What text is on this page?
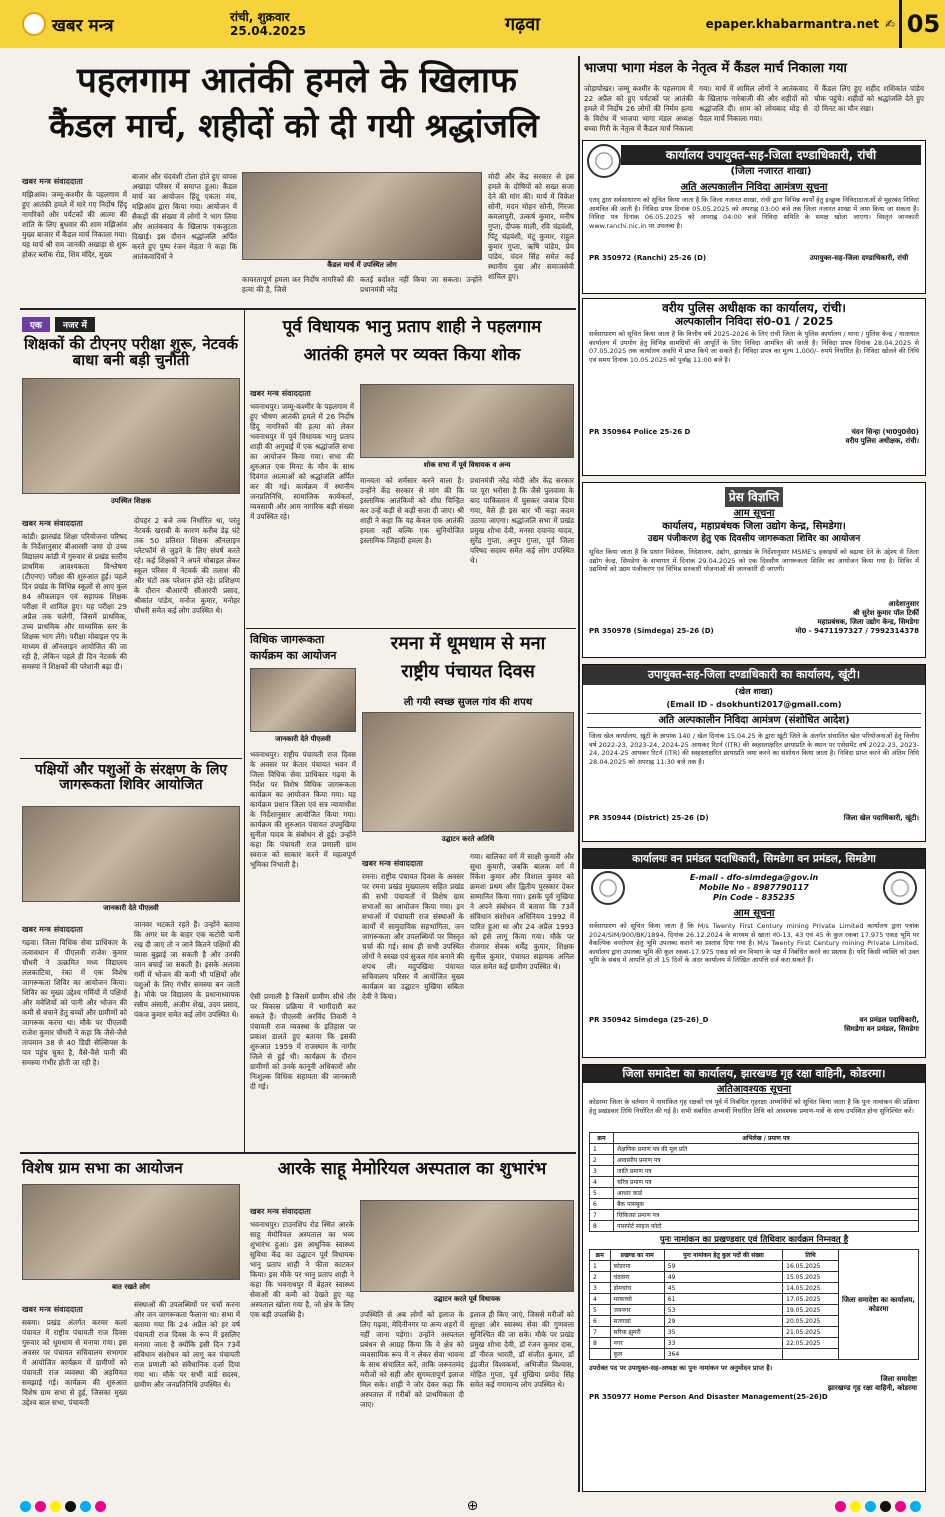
खबर मन्त्र	रांची, शुक्रवार
25.04.2025	गढ़वा	epaper.khabarmantra.net ✍ 05
पहलगाम आतंकी हमले के खिलाफ
कैंडल मार्च, शहीदों को दी गयी श्रद्धांजलि
खबर मन्त्र संवाददाता
मझिआंव। जम्मू-कश्मीर के पहलगाम में हुए आतंकी हमले में मारे गए निर्दोष हिंदू नागरिकों और पर्यटकों की आत्मा की शांति के लिए बुधवार की शाम मझिआंव मुख्य बाजार में कैंडल मार्च निकाला गया। यह मार्च श्री राम जानकी अखाड़ा से शुरू होकर ब्लॉक रोड, शिव मंदिर, मुख्य
बाजार और चंदवंशी टोला होते हुए वापस अखाड़ा परिसर में समाप्त हुआ। कैंडल मार्च का आयोजन हिंदू एकता मंच, मझिआंव द्वारा किया गया। आयोजन में सैकड़ों की संख्या में लोगों ने भाग लिया और आतंकवाद के खिलाफ एकजुटता दिखाई। इस दौरान श्रद्धांजलि अर्पित करते हुए पुष्प रंजन मेहता ने कहा कि आतंकवादियों ने
कैंडल मार्च में उपस्थित लोग
कायरतापूर्ण हमला कर निर्दोष नागरिकों की हत्या की है, जिसे
कतई बर्दाश्त नहीं किया जा सकता। उन्होंने प्रधानमंत्री नरेंद्र
मोदी और केंद्र सरकार से इस हमले के दोषियों को सख्त सजा देने की मांग की। मार्च में विकेश सोनी, मदन मोहन सोनी, गिरजा कमलापुरी, उत्कर्ष कुमार, मनीष गुप्ता, दीपक माली, रवि चंद्रवंशी, पिंटू चंद्रवंशी, मंटू कुमार, राहुल कुमार गुप्ता, ऋषि पांडेय, प्रेम पांडेय, चंदन सिंह समेत कई स्थानीय युवा और समाजसेवी शामिल हुए।
एक नजर में
शिक्षकों की टीएनए परीक्षा शुरू, नेटवर्क बाधा बनी बड़ी चुनौती
उपस्थित शिक्षक
खबर मन्त्र संवाददाता
कांडी। झारखंड शिक्षा परियोजना परिषद के निर्देशानुसार बीआरसी जमा दो उच्च विद्यालय कांडी में गुरुवार से प्रखंड स्तरीय प्राथमिक आवश्यकता विश्लेषण (टीएनए) परीक्षा की शुरुआत हुई। पहले दिन प्रखंड के विभिन्न स्कूलों से आए कुल 84 ऑफलाइन एवं सहायक शिक्षक परीक्षा में शामिल हुए। यह परीक्षा 29 अप्रैल तक चलेगी, जिसमें प्राथमिक, उच्च प्राथमिक और माध्यमिक स्तर के शिक्षक भाग लेंगे। परीक्षा मोबाइल एप के माध्यम से ऑनलाइन आयोजित की जा रही है, लेकिन पहले ही दिन नेटवर्क की समस्या ने शिक्षकों की परेशानी बढ़ा दी।
दोपहर 2 बजे तक निर्धारित था, परंतु नेटवर्क खराबी के कारण करीब डेढ़ घंटे तक 50 प्रतिशत शिक्षक ऑनलाइन प्लेटफॉर्म से जुड़ने के लिए संघर्ष करते रहे। कई शिक्षकों ने अपने मोबाइल लेकर स्कूल परिसर में नेटवर्क की तलाश की और घंटों तक परेशान होते रहे। प्रशिक्षण के दौरान बीआरपी सीआरपी प्रसाद, श्रीकांत पांडेय, मनोज कुमार, मनोहर चौधरी समेत कई लोग उपस्थित थे।
पक्षियों और पशुओं के संरक्षण के लिए जागरूकता शिविर आयोजित
जानकारी देते पीएलवी
खबर मन्त्र संवाददाता
गढ़वा। जिला विधिक सेवा प्राधिकार के तत्वावधान में पीएलवी राजेश कुमार चौधरी ने उत्क्रमित मध्य विद्यालय ललकाटिया, रंका में एक विशेष जागरूकता शिविर का आयोजन किया। शिविर का मुख्य उद्देश्य गर्मियों में पक्षियों और मवेशियों को पानी और भोजन की कमी से बचाने हेतु बच्चों और ग्रामीणों को जागरूक करना था। मौके पर पीएलवी राजेश कुमार चौधरी ने कहा कि जैसे-जैसे तापमान 38 से 40 डिग्री सेल्सियस के पार पहुंच चुका है, वैसे-वैसे पानी की समस्या गंभीर होती जा रही है।
जानवर भटकते रहते हैं। उन्होंने बताया कि अगर घर के बाहर एक कटोरी पानी रख दी जाए तो न जाने कितने पक्षियों की प्यास बुझाई जा सकती है और उनकी जान बचाई जा सकती है। इसके अलावा गर्मी में भोजन की कमी भी पक्षियों और पशुओं के लिए गंभीर समस्या बन जाती है। मौके पर विद्यालय के प्रधानाध्यापक रसीम अंसारी, अजीम शेख, उदय प्रसाद, पंकज कुमार समेत कई लोग उपस्थित थे।
पूर्व विधायक भानु प्रताप शाही ने पहलगाम
आतंकी हमले पर व्यक्त किया शोक
खबर मन्त्र संवाददाता
भवनाथपुर। जम्मू-कश्मीर के पहलगाम में हुए भीषण आतंकी हमले में 26 निर्दोष हिंदू नागरिकों की हत्या को लेकर भवनाथपुर में पूर्व विधायक भानु प्रताप शाही की अगुवाई में एक श्रद्धांजलि सभा का आयोजन किया गया। सभा की शुरुआत एक मिनट के मौन के साथ दिवंगत आत्माओं को श्रद्धांजलि अर्पित कर की गई। कार्यक्रम में स्थानीय जनप्रतिनिधि, सामाजिक कार्यकर्ता, व्यवसायी और आम नागरिक बड़ी संख्या में उपस्थित रहे।
शोक सभा में पूर्व विधायक व अन्य
मानवता को शर्मसार करने वाला है। उन्होंने केंद्र सरकार से मांग की कि इस्लामिक आतंकियों को शीघ्र चिन्हित कर उन्हें कड़ी से कड़ी सजा दी जाए। श्री शाही ने कहा कि यह केवल एक आतंकी हमला नहीं बल्कि एक सुनियोजित इस्लामिक जिहादी हमला है।
प्रधानमंत्री नरेंद्र मोदी और केंद्र सरकार पर पूरा भरोसा है कि जैसे पुलवामा के बाद पाकिस्तान में घुसकर जवाब दिया गया, वैसे ही इस बार भी कड़ा कदम उठाया जाएगा। श्रद्धांजलि सभा में प्रखंड प्रमुख शोभा देवी, मनसा दयानंद यादव, सुरेंद्र गुप्ता, अनुप गुप्ता, पूर्व जिला परिषद सदस्य समेत कई लोग उपस्थित थे।
विधिक जागरूकता
कार्यक्रम का आयोजन
जानकारी देते पीएलवी
भवनाथपुर। राष्ट्रीय पंचायती राज दिवस के अवसर पर केतार पंचायत भवन में जिला विधिक सेवा प्राधिकार गढ़वा के निर्देश पर विशेष विधिक जागरूकता कार्यक्रम का आयोजन किया गया। यह कार्यक्रम प्रधान जिला एवं सत्र न्यायाधीश के निर्देशानुसार आयोजित किया गया। कार्यक्रम की शुरुआत पंचायत उपमुखिया सुनीता यादव के संबोधन से हुई। उन्होंने कहा कि पंचायती राज प्रणाली ग्राम स्वराज को साकार करने में महत्वपूर्ण भूमिका निभाती है।
ऐसी प्रणाली है जिसमें ग्रामीण सीधे तौर पर विकास प्रक्रिया में भागीदारी कर सकते हैं। पीएलवी अरविंद तिवारी ने पंचायती राज व्यवस्था के इतिहास पर प्रकाश डालते हुए बताया कि इसकी शुरुआत 1959 में राजस्थान के नागौर जिले से हुई थी। कार्यक्रम के दौरान ग्रामीणों को उनके कानूनी अधिकारों और निःशुल्क विधिक सहायता की जानकारी दी गई।
रमना में धूमधाम से मना
राष्ट्रीय पंचायत दिवस
ली गयी स्वच्छ सुजल गांव की शपथ
उद्घाटन करते अतिथि
खबर मन्त्र संवाददाता
रमना। राष्ट्रीय पंचायत दिवस के अवसर पर रमना प्रखंड मुख्यालय सहित प्रखंड की सभी पंचायतों में विशेष ग्राम सभाओं का आयोजन किया गया। इन सभाओं में पंचायती राज संस्थाओं के कार्यों में सामुदायिक सहभागिता, जन जागरूकता और उपलब्धियों पर विस्तृत चर्चा की गई। साथ ही सभी उपस्थित लोगों ने स्वच्छ एवं सुजल गांव बनाने की शपथ ली। मदुपखिया पंचायत सचिवालय परिसर में आयोजित मुख्य कार्यक्रम का उद्घाटन मुखिया सबिता देवी ने किया।
गया। बालिका वर्ग में साक्षी कुमारी और सुधा कुमारी, जबकि बालक वर्ग में रिंकेश कुमार और विशाल कुमार को क्रमशः प्रथम और द्वितीय पुरस्कार देकर सम्मानित किया गया। इसके पूर्व मुखिया ने अपने संबोधन में बताया कि 73वें संविधान संशोधन अधिनियम 1992 में पारित हुआ था और 24 अप्रैल 1993 को इसे लागू किया गया। मौके पर रोजगार सेवक धर्मेंद्र कुमार, शिक्षक सुनील कुमार, पंचायत सहायक अनिल पाल समेत कई ग्रामीण उपस्थित थे।
विशेष ग्राम सभा का आयोजन
बात रखते लोग
खबर मन्त्र संवाददाता
सबमा। प्रखंड अंतर्गत करमर कलां पंचायत में राष्ट्रीय पंचायती राज दिवस गुरुवार को धूमधाम से मनाया गया। इस अवसर पर पंचायत सचिवालय सभागार में आयोजित कार्यक्रम में ग्रामीणों को पंचायती राज व्यवस्था की अहमियत समझाई गई। कार्यक्रम की शुरुआत विशेष ग्राम सभा से हुई, जिसका मुख्य उद्देश्य बाल सभा, पंचायती
संस्थाओं की उपलब्धियों पर चर्चा करना और जन जागरूकता फैलाना था। सभा में बताया गया कि 24 अप्रैल को हर वर्ष पंचायती राज दिवस के रूप में इसलिए मनाया जाता है क्योंकि इसी दिन 73वें संविधान संशोधन को लागू कर पंचायती राज प्रणाली को संवैधानिक दर्जा दिया गया था। मौके पर सभी वार्ड सदस्य, ग्रामीण और जनप्रतिनिधि उपस्थित थे।
आरके साहू मेमोरियल अस्पताल का शुभारंभ
खबर मन्त्र संवाददाता
भवनाथपुर। टाउनशिप रोड स्थित आरके साहू मेमोरियल अस्पताल का भव्य शुभारंभ हुआ। इस आधुनिक स्वास्थ्य सुविधा केंद्र का उद्घाटन पूर्व विधायक भानु प्रताप शाही ने फीता काटकर किया। इस मौके पर भानु प्रताप शाही ने कहा कि भवनाथपुर में बेहतर स्वास्थ्य सेवाओं की कमी को देखते हुए यह अस्पताल खोला गया है, जो क्षेत्र के लिए एक बड़ी उपलब्धि है।
उद्घाटन करते पूर्व विधायक
उपस्थिति से अब लोगों को इलाज के लिए गढ़वा, मेदिनीनगर या अन्य शहरों में नहीं जाना पड़ेगा। उन्होंने अस्पताल प्रबंधन से आग्रह किया कि वे क्षेत्र को व्यवसायिक रूप में न लेकर सेवा भावना के साथ संचालित करें, ताकि जरूरतमंद मरीजों को सही और सुगमतापूर्ण इलाज मिल सके। शाही ने जोर देकर कहा कि अस्पताल में गरीबों को प्राथमिकता दी जाए।
इलाज ही किए जाएं, जिससे मरीजों को सुरक्षा और स्वास्थ्य सेवा की गुणवत्ता सुनिश्चित की जा सके। मौके पर प्रखंड प्रमुख शोभा देवी, डॉ रंजन कुमार दास, डॉ नीरज भारती, डॉ संजीत कुमार, डॉ इंद्रजीत विश्वकर्मा, अभिजीत विश्वास, मोहित गुप्ता, पूर्व मुखिया प्रमोद सिंह समेत कई गणमान्य लोग उपस्थित थे।
भाजपा भागा मंडल के नेतृत्व में कैंडल मार्च निकाला गया
जोड़ापोखर। जम्मू कश्मीर के पहलगाम में 22 अप्रैल को हुए पर्यटकों पर आतंकी हमले में निर्दोष 26 लोगों की निर्मम हत्या के विरोध में भाजपा भागा मंडल अध्यक्ष बच्चा गिरी के नेतृत्व में कैंडल मार्च निकाला गया। मार्च में शामिल लोगों ने आतंकवाद के खिलाफ नारेबाजी की और शहीदों को श्रद्धांजलि दी। शाम को लोयबाद मोड़ से पैदल मार्च निकाला गया।
में कैंडल लिए हुए शहीद शशिकांत पांडेय चौक पहुंचे। शहीदों को श्रद्धांजलि देते हुए दो मिनट का मौन रखा।
कार्यालय उपायुक्त-सह-जिला दण्डाधिकारी, रांची
(जिला नजारत शाखा)
अति अल्पकालीन निविदा आमंत्रण सूचना
एतद् द्वारा सर्वसाधारण को सूचित किया जाता है कि जिला नजारत शाखा, रांची द्वारा विभिन्न कार्यों हेतु इच्छुक निविदादाताओं से मुहरबंद निविदा आमंत्रित की जाती है। निविदा प्रपत्र दिनांक 05.05.2025 को अपराह्न 03:00 बजे तक जिला नजारत शाखा में जमा किया जा सकता है। निविदा पत्र दिनांक 06.05.2025 को अपराह्न 04:00 बजे निविदा समिति के समक्ष खोला जाएगा। विस्तृत जानकारी www.ranchi.nic.in पर उपलब्ध है।
PR 350972 (Ranchi) 25-26 (D)	उपायुक्त-सह-जिला दण्डाधिकारी, रांची
वरीय पुलिस अधीक्षक का कार्यालय, रांची।
अल्पकालीन निविदा सं0-01 / 2025
सर्वसाधारण को सूचित किया जाता है कि वित्तीय वर्ष 2025-2026 के लिए रांची जिला के पुलिस कार्यालय / थाना / पुलिस केन्द्र / यातायात कार्यालय में उपयोग हेतु विभिन्न सामग्रियों की आपूर्ति के लिए निविदा आमंत्रित की जाती है। निविदा प्रपत्र दिनांक 28.04.2025 से 07.05.2025 तक कार्यालय अवधि में प्राप्त किये जा सकते हैं। निविदा प्रपत्र का मूल्य 1,000/- रुपये निर्धारित है। निविदा खोलने की तिथि एवं समय दिनांक 10.05.2025 को पूर्वाह्न 11:00 बजे है।
PR 350964 Police 25-26 D	चंदन सिन्हा (भा0पु0से0)
वरीय पुलिस अधीक्षक, रांची।
प्रेस विज्ञप्ति
आम सूचना
कार्यालय, महाप्रबंधक जिला उद्योग केन्द्र, सिमडेगा।
उद्यम पंजीकरण हेतु एक दिवसीय जागरूकता शिविर का आयोजन
सूचित किया जाता है कि प्रधान निदेशक, निदेशालय, उद्योग, झारखंड के निर्देशानुसार MSME's इकाइयों को बढ़ावा देने के उद्देश्य से जिला उद्योग केन्द्र, सिमडेगा के सभागार में दिनांक 29.04.2025 को एक दिवसीय जागरूकता शिविर का आयोजन किया गया है। शिविर में उद्यमियों को उद्यम पंजीकरण एवं विभिन्न सरकारी योजनाओं की जानकारी दी जाएगी।
आदेशानुसार
श्री सुरेश कुमार पॉल टिर्की
महाप्रबंधक, जिला उद्योग केन्द्र, सिमडेगा
PR 350978 (Simdega) 25-26 (D)	मो0 - 9471197327 / 7992314378
उपायुक्त-सह-जिला दण्डाधिकारी का कार्यालय, खूंटी।
(खेल शाखा)
(Email ID - dsokhunti2017@gmail.com)
अति अल्पकालीन निविदा आमंत्रण (संशोधित आदेश)
जिला खेल कार्यालय, खूंटी के ज्ञापांक 140 / खेल दिनांक 15.04.25 के द्वारा खूंटी जिले के अंतर्गत संचालित खेल परियोजनाओं हेतु वित्तीय वर्ष 2022-23, 2023-24, 2024-25 आयकर रिटर्न (ITR) की स्वहस्ताक्षरित छायाप्रति के स्थान पर एसेसमेंट वर्ष 2022-23, 2023-24, 2024-25 आयकर रिटर्न (ITR) की स्वहस्ताक्षरित छायाप्रति जमा करने का संशोधन किया जाता है। निविदा प्राप्त करने की अंतिम तिथि 28.04.2025 को अपराह्न 11:30 बजे तक है।
PR 350944 (District) 25-26 (D)	जिला खेल पदाधिकारी, खूंटी।
कार्यालयः वन प्रमंडल पदाधिकारी, सिमडेगा वन प्रमंडल, सिमडेगा
E-mail - dfo-simdega@gov.in
Mobile No - 8987790117
Pin Code - 835235
आम सूचना
सर्वसाधारण को सूचित किया जाता है कि M/s Twenty First Century mining Private Limited कार्यालय द्वारा पत्रांक 2024/SIM/900/BK/1894, दिनांक 26.12.2024 के माध्यम से खाता नं0-13, 43 एवं 45 के कुल रकबा 17.975 एकड़ भूमि पर वैकल्पिक वनरोपण हेतु भूमि उपलब्ध कराने का प्रस्ताव दिया गया है। M/s Twenty First Century mining Private Limited, कार्यालय द्वारा उपलब्ध भूमि की कुल रकबा-17.975 एकड़ को वन विभाग के पक्ष में निबंधित करने का प्रस्ताव है। यदि किसी व्यक्ति को उक्त भूमि के संबंध में आपत्ति हो तो 15 दिनों के अंदर कार्यालय में लिखित आपत्ति दर्ज करा सकते हैं।
PR 350942 Simdega (25-26)_D	वन प्रमंडल पदाधिकारी,
सिमडेगा वन प्रमंडल, सिमडेगा
जिला समादेष्टा का कार्यालय, झारखण्ड गृह रक्षा वाहिनी, कोडरमा।
अतिआवश्यक सूचना
कोडरमा जिला के वर्तमान में नामांकित गृह रक्षकों एवं पूर्व में निबंधित गृहरक्षा अभ्यर्थियों को सूचित किया जाता है कि पुनः नामांकन की प्रक्रिया हेतु प्रखंडवार तिथि निर्धारित की गई है। सभी संबंधित अभ्यर्थी निर्धारित तिथि को आवश्यक प्रमाण-पत्रों के साथ उपस्थित होना सुनिश्चित करें।
क्रम	अभिलेख / प्रमाण पत्र
1	शैक्षणिक प्रमाण पत्र की मूल प्रति
2	आवासीय प्रमाण पत्र
3	जाति प्रमाण पत्र
4	चरित्र प्रमाण पत्र
5	आधार कार्ड
6	बैंक पासबुक
7	चिकित्सा प्रमाण पत्र
8	पासपोर्ट साइज फोटो
पुनः नामांकन का प्रखण्डवार एवं तिथिवार कार्यक्रम निम्नवत् है
क्रम	प्रखण्ड का नाम	पुनः नामांकन हेतु कुल पदों की संख्या	तिथि
1	कोडरमा	59	16.05.2025
2	चंदवारा	49	15.05.2025
3	डोमचांच	45	14.05.2025
4	मरकच्चो	61	17.05.2025
5	जयनगर	53	19.05.2025
6	सतगावां	29	20.05.2025
7	सरिया झुमरी	35	21.05.2025
8	नगर	33	22.05.2025
	कुल	364	
जिला समादेष्टा का कार्यालय, कोडरमा
उपरोक्त पद पर उपायुक्त-सह-अध्यक्ष का पुनः नामांकन पर अनुमोदन प्राप्त है।
जिला समादेष्टा
झारखण्ड गृह रक्षा वाहिनी, कोडरमा
PR 350977 Home Person And Disaster Management(25-26)D
⊕
